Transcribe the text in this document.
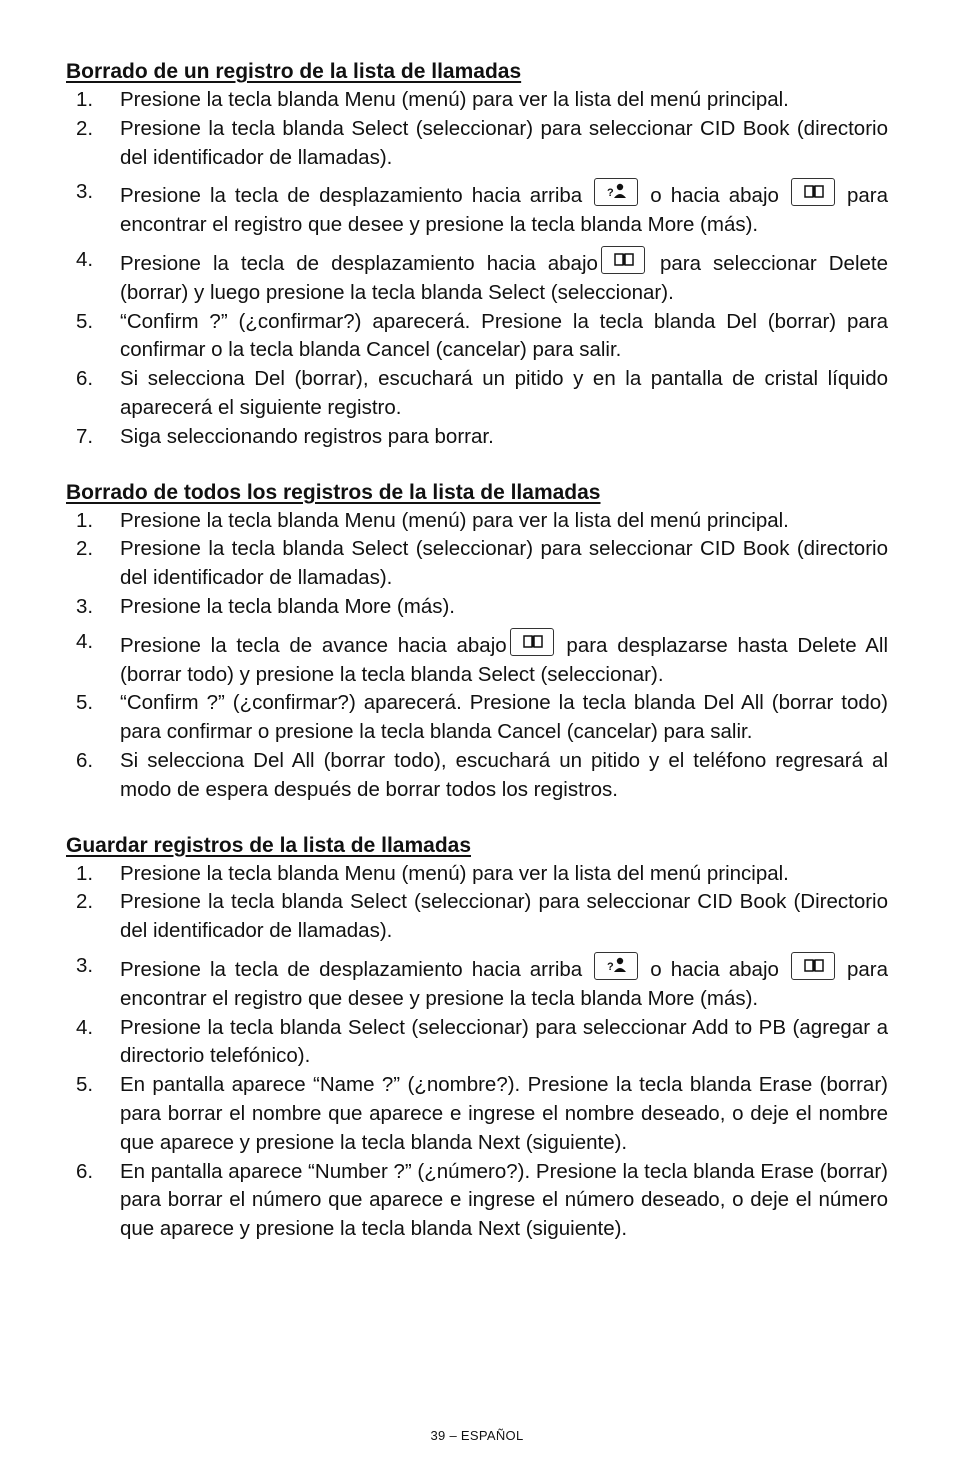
Borrado de un registro de la lista de llamadas
1. Presione la tecla blanda Menu (menú) para ver la lista del menú principal.
2. Presione la tecla blanda Select (seleccionar) para seleccionar CID Book (directorio del identificador de llamadas).
3. Presione la tecla de desplazamiento hacia arriba ? o hacia abajo	para encontrar el registro que desee y presione la tecla blanda More (más).
4. Presione la tecla de desplazamiento hacia abajo	para seleccionar Delete (borrar) y luego presione la tecla blanda Select (seleccionar).
5. “Confirm ?” (¿confirmar?) aparecerá. Presione la tecla blanda Del (borrar) para confirmar o la tecla blanda Cancel (cancelar) para salir.
6. Si selecciona Del (borrar), escuchará un pitido y en la pantalla de cristal líquido aparecerá el siguiente registro.
7. Siga seleccionando registros para borrar.
Borrado de todos los registros de la lista de llamadas
1. Presione la tecla blanda Menu (menú) para ver la lista del menú principal.
2. Presione la tecla blanda Select (seleccionar) para seleccionar CID Book (directorio del identificador de llamadas).
3. Presione la tecla blanda More (más).
4. Presione la tecla de avance hacia abajo	para desplazarse hasta Delete All (borrar todo) y presione la tecla blanda Select (seleccionar).
5. “Confirm ?” (¿confirmar?) aparecerá. Presione la tecla blanda Del All (borrar todo) para confirmar o presione la tecla blanda Cancel (cancelar) para salir.
6. Si selecciona Del All (borrar todo), escuchará un pitido y el teléfono regresará al modo de espera después de borrar todos los registros.
Guardar registros de la lista de llamadas
1. Presione la tecla blanda Menu (menú) para ver la lista del menú principal.
2. Presione la tecla blanda Select (seleccionar) para seleccionar CID Book (Directorio del identificador de llamadas).
3. Presione la tecla de desplazamiento hacia arriba ? o hacia abajo	para encontrar el registro que desee y presione la tecla blanda More (más).
4. Presione la tecla blanda Select (seleccionar) para seleccionar Add to PB (agregar a directorio telefónico).
5. En pantalla aparece “Name ?” (¿nombre?). Presione la tecla blanda Erase (borrar) para borrar el nombre que aparece e ingrese el nombre deseado, o deje el nombre que aparece y presione la tecla blanda Next (siguiente).
6. En pantalla aparece “Number ?” (¿número?). Presione la tecla blanda Erase (borrar) para borrar el número que aparece e ingrese el número deseado, o deje el número que aparece y presione la tecla blanda Next (siguiente).
39 – ESPAÑOL
